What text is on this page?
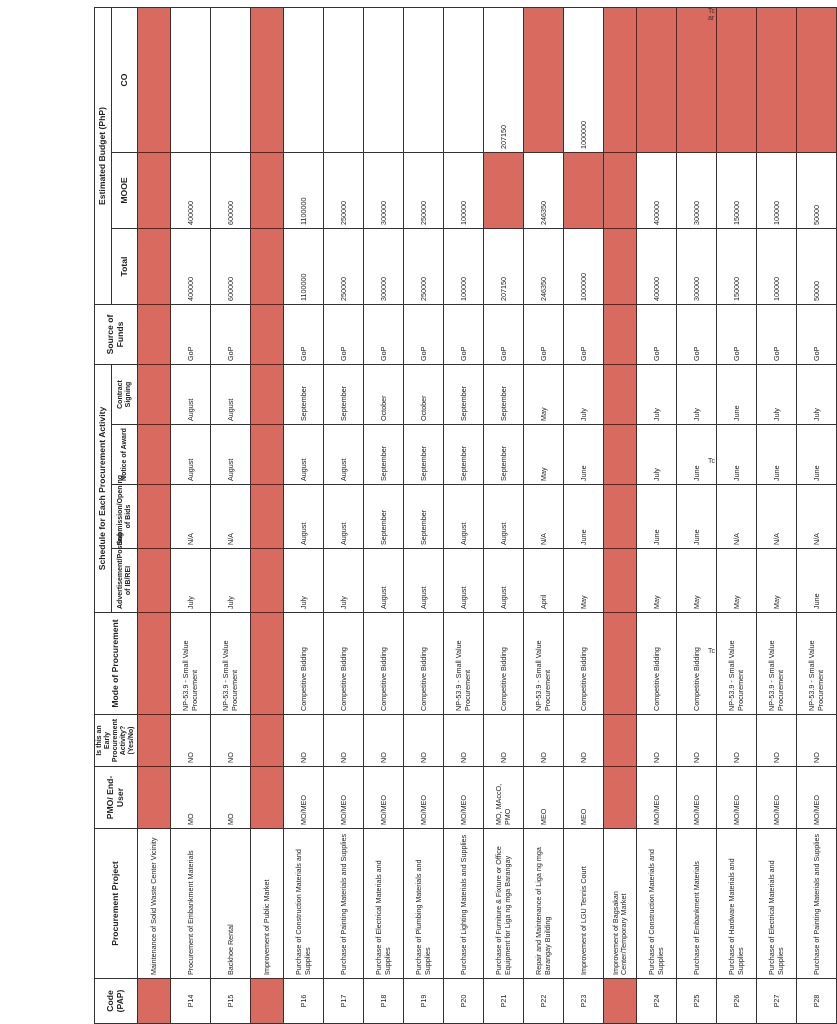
Code (PAP)	Procurement Project	PMO/ End-User	Is this an Early Procurement Activity? (Yes/No)	Mode of Procurement	Schedule for Each Procurement Activity				Source of Funds	Estimated Budget (PhP)		
					Advertisement/Posting of IB/REI	Submission/Opening of Bids	Notice of Award	Contract Signing		Total	MOOE	CO
	Maintenance of Solid Waste Center Vicinity											
P14	Procurement of Embankment Materials	MO	NO	NP-53.9 - Small Value Procurement	July	N/A	August	August	GoP	400000	400000	
P15	Backhoe Rental	MO	NO	NP-53.9 - Small Value Procurement	July	N/A	August	August	GoP	600000	600000	
	Improvement of Public Market											
P16	Purchase of Construction Materials and Supplies	MO/MEO	NO	Competitive Bidding	July	August	August	September	GoP	1100000	1100000	
P17	Purchase of Painting Materials and Supplies	MO/MEO	NO	Competitive Bidding	July	August	August	September	GoP	250000	250000	
P18	Purchase of Electrical Materials and Supplies	MO/MEO	NO	Competitive Bidding	August	September	September	October	GoP	300000	300000	
P19	Purchase of Plumbing Materials and Supplies	MO/MEO	NO	Competitive Bidding	August	September	September	October	GoP	250000	250000	
P20	Purchase of Lighting Materials and Supplies	MO/MEO	NO	NP-53.9 - Small Value Procurement	August	August	September	September	GoP	100000	100000	
P21	Purchase of Furniture & Fixture or Office Equipment for Liga ng mga Barangay	MO, MAccO, PMO	NO	Competitive Bidding	August	August	September	September	GoP	207150		207150
P22	Repair and Maintenance of Liga ng mga Barangay Building	MEO	NO	NP-53.9 - Small Value Procurement	April	N/A	May	May	GoP	246350	246350	
P23	Improvement of LGU Tennis Court	MEO	NO	Competitive Bidding	May	June	June	July	GoP	1000000		1000000
	Improvement of Bagsakan Center/Temporary Market											
P24	Purchase of Construction Materials and Supplies	MO/MEO	NO	Competitive Bidding	May	June	July	July	GoP	400000	400000	
P25	Purchase of Embankment Materials	MO/MEO	NO	Competitive Bidding	May	June	June	July	GoP	300000	300000	
P26	Purchase of Hardware Materials and Supplies	MO/MEO	NO	NP-53.9 - Small Value Procurement	May	N/A	June	June	GoP	150000	150000	
P27	Purchase of Electrical Materials and Supplies	MO/MEO	NO	NP-53.9 - Small Value Procurement	May	N/A	June	July	GoP	100000	100000	
P28	Purchase of Painting Materials and Supplies	MO/MEO	NO	NP-53.9 - Small Value Procurement	June	N/A	June	July	GoP	50000	50000	
Tc ar
Tc
Tc
